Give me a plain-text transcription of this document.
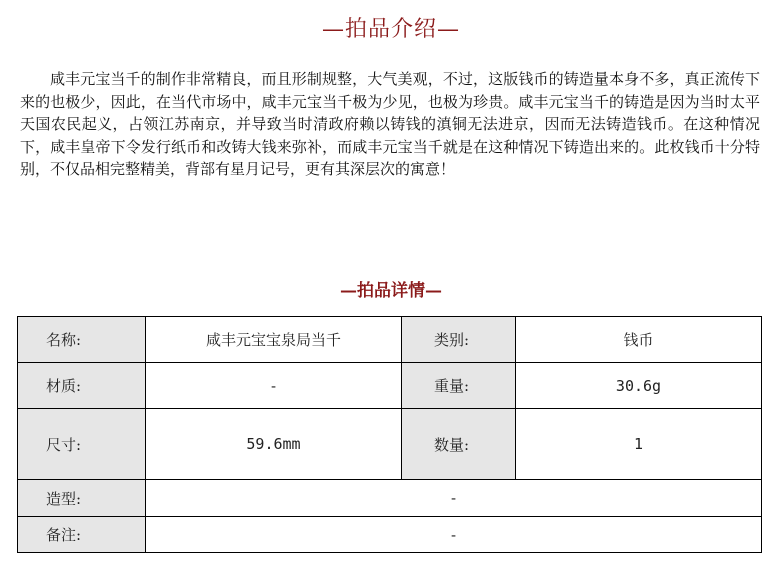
—拍品介绍—

咸丰元宝当千的制作非常精良，而且形制规整，大气美观，不过，这版钱币的铸造量本身不多，真正流传下来的也极少，因此，在当代市场中，咸丰元宝当千极为少见，也极为珍贵。咸丰元宝当千的铸造是因为当时太平天国农民起义，占领江苏南京，并导致当时清政府赖以铸钱的滇铜无法进京，因而无法铸造钱币。在这种情况下，咸丰皇帝下令发行纸币和改铸大钱来弥补，而咸丰元宝当千就是在这种情况下铸造出来的。此枚钱币十分特别，不仅品相完整精美，背部有星月记号，更有其深层次的寓意！

—拍品详情—
名称:	咸丰元宝宝泉局当千	类别:	钱币
材质:	-	重量:	30.6g
尺寸:	59.6mm	数量:	1
造型:	-		
备注:	-		
